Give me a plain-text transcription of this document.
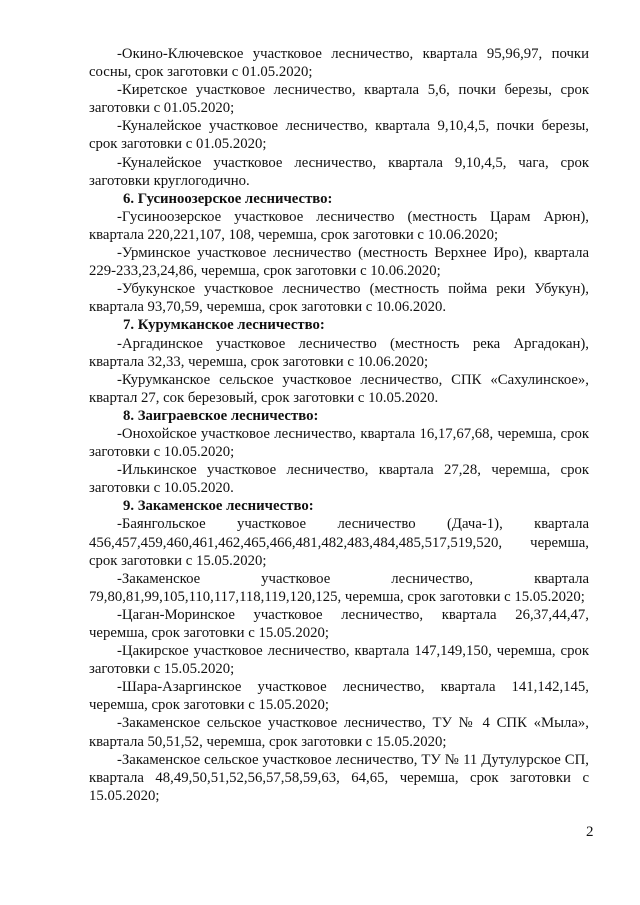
-Окино-Ключевское участковое лесничество, квартала 95,96,97, почки сосны, срок заготовки с 01.05.2020;

-Киретское участковое лесничество, квартала 5,6, почки березы, срок заготовки с 01.05.2020;

-Куналейское участковое лесничество, квартала 9,10,4,5, почки березы, срок заготовки с 01.05.2020;

-Куналейское участковое лесничество, квартала 9,10,4,5, чага, срок заготовки круглогодично.

6. Гусиноозерское лесничество:

-Гусиноозерское участковое лесничество (местность Царам Арюн), квартала 220,221,107, 108, черемша, срок заготовки с 10.06.2020;

-Урминское участковое лесничество (местность Верхнее Иро), квартала 229-233,23,24,86, черемша, срок заготовки с 10.06.2020;

-Убукунское участковое лесничество (местность пойма реки Убукун), квартала 93,70,59, черемша, срок заготовки с 10.06.2020.

7. Курумканское лесничество:

-Аргадинское участковое лесничество (местность река Аргадокан), квартала 32,33, черемша, срок заготовки с 10.06.2020;

-Курумканское сельское участковое лесничество, СПК «Сахулинское», квартал 27, сок березовый, срок заготовки с 10.05.2020.

8. Заиграевское лесничество:

-Онохойское участковое лесничество, квартала 16,17,67,68, черемша, срок заготовки с 10.05.2020;

-Илькинское участковое лесничество, квартала 27,28, черемша, срок заготовки с 10.05.2020.

9. Закаменское лесничество:

-Баянгольское участковое лесничество (Дача-1), квартала 456,457,459,460,461,462,465,466,481,482,483,484,485,517,519,520, черемша, срок заготовки с 15.05.2020;

-Закаменское участковое лесничество, квартала 79,80,81,99,105,110,117,118,119,120,125, черемша, срок заготовки с 15.05.2020;

-Цаган-Моринское участковое лесничество, квартала 26,37,44,47, черемша, срок заготовки с 15.05.2020;

-Цакирское участковое лесничество, квартала 147,149,150, черемша, срок заготовки с 15.05.2020;

-Шара-Азаргинское участковое лесничество, квартала 141,142,145, черемша, срок заготовки с 15.05.2020;

-Закаменское сельское участковое лесничество, ТУ № 4 СПК «Мыла», квартала 50,51,52, черемша, срок заготовки с 15.05.2020;

-Закаменское сельское участковое лесничество, ТУ № 11 Дутулурское СП, квартала 48,49,50,51,52,56,57,58,59,63, 64,65, черемша, срок заготовки с 15.05.2020;

2
